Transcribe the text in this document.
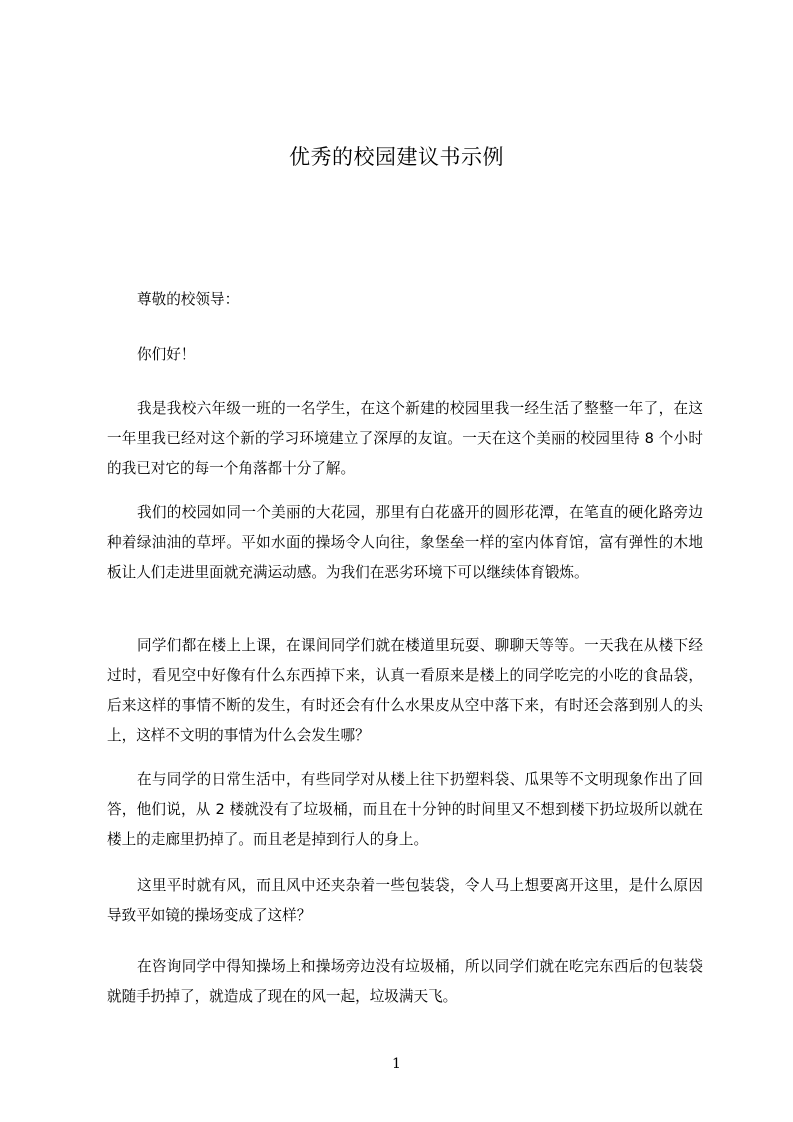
优秀的校园建议书示例

尊敬的校领导：

你们好！

我是我校六年级一班的一名学生，在这个新建的校园里我一经生活了整整一年了，在这一年里我已经对这个新的学习环境建立了深厚的友谊。一天在这个美丽的校园里待 8 个小时的我已对它的每一个角落都十分了解。

我们的校园如同一个美丽的大花园，那里有白花盛开的圆形花潭，在笔直的硬化路旁边种着绿油油的草坪。平如水面的操场令人向往，象堡垒一样的室内体育馆，富有弹性的木地板让人们走进里面就充满运动感。为我们在恶劣环境下可以继续体育锻炼。

同学们都在楼上上课，在课间同学们就在楼道里玩耍、聊聊天等等。一天我在从楼下经过时，看见空中好像有什么东西掉下来，认真一看原来是楼上的同学吃完的小吃的食品袋，后来这样的事情不断的发生，有时还会有什么水果皮从空中落下来，有时还会落到别人的头上，这样不文明的事情为什么会发生哪？

在与同学的日常生活中，有些同学对从楼上往下扔塑料袋、瓜果等不文明现象作出了回答，他们说，从 2 楼就没有了垃圾桶，而且在十分钟的时间里又不想到楼下扔垃圾所以就在楼上的走廊里扔掉了。而且老是掉到行人的身上。

这里平时就有风，而且风中还夹杂着一些包装袋，令人马上想要离开这里，是什么原因导致平如镜的操场变成了这样？

在咨询同学中得知操场上和操场旁边没有垃圾桶，所以同学们就在吃完东西后的包装袋就随手扔掉了，就造成了现在的风一起，垃圾满天飞。

1
